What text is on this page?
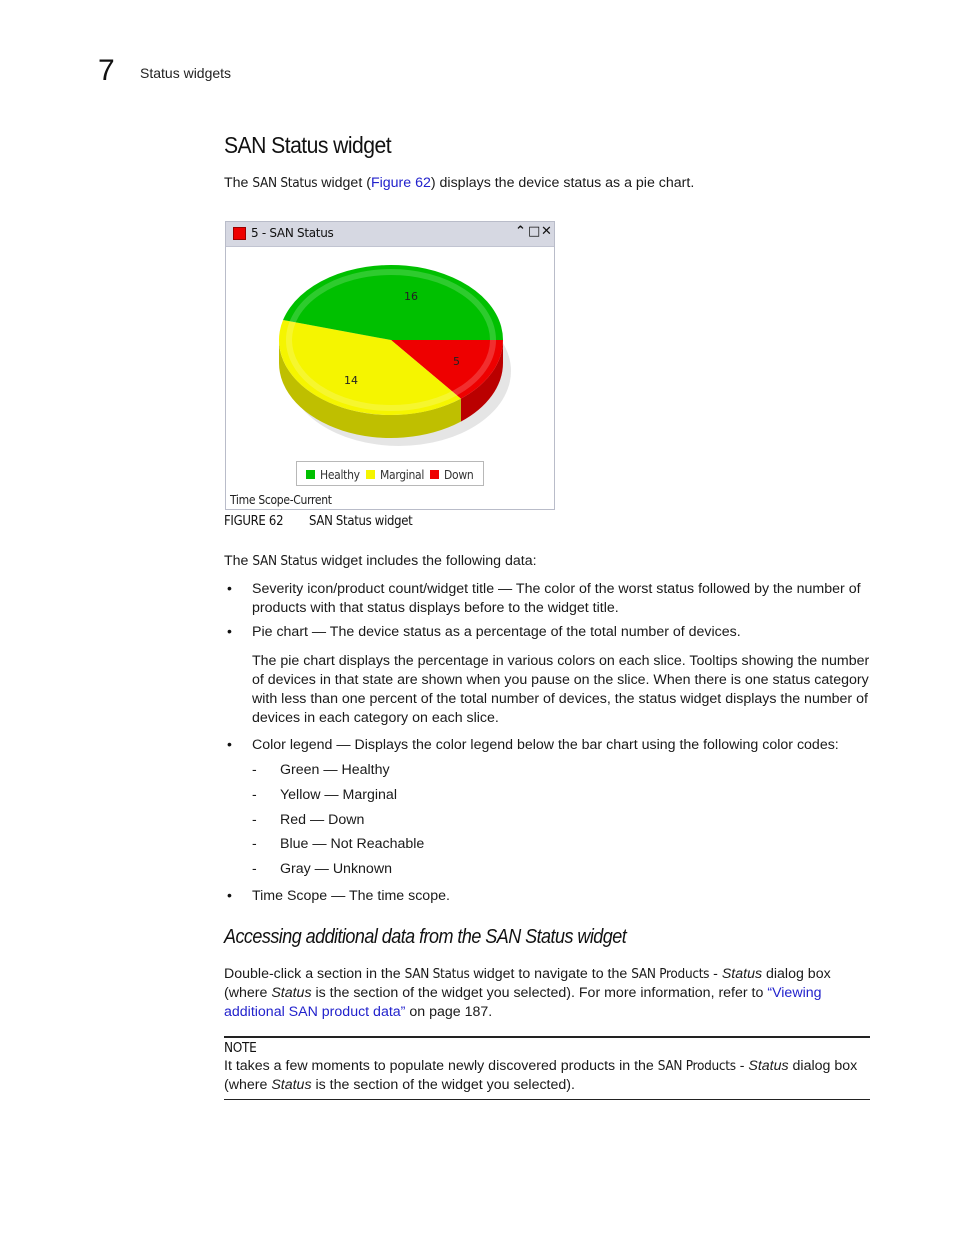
7 Status widgets
SAN Status widget
The SAN Status widget (Figure 62) displays the device status as a pie chart.
5 - SAN Status	⌃ □ ✕
5
14
16
Healthy	Marginal	Down
Time Scope-Current
FIGURE 62 SAN Status widget
The SAN Status widget includes the following data:
• Severity icon/product count/widget title — The color of the worst status followed by the number of products with that status displays before to the widget title.
• Pie chart — The device status as a percentage of the total number of devices.
The pie chart displays the percentage in various colors on each slice. Tooltips showing the number of devices in that state are shown when you pause on the slice. When there is one status category with less than one percent of the total number of devices, the status widget displays the number of devices in each category on each slice.
• Color legend — Displays the color legend below the bar chart using the following color codes:
- Green — Healthy
- Yellow — Marginal
- Red — Down
- Blue — Not Reachable
- Gray — Unknown
• Time Scope — The time scope.
Accessing additional data from the SAN Status widget
Double-click a section in the SAN Status widget to navigate to the SAN Products - Status dialog box (where Status is the section of the widget you selected). For more information, refer to “Viewing additional SAN product data” on page 187.
NOTE
It takes a few moments to populate newly discovered products in the SAN Products - Status dialog box (where Status is the section of the widget you selected).
